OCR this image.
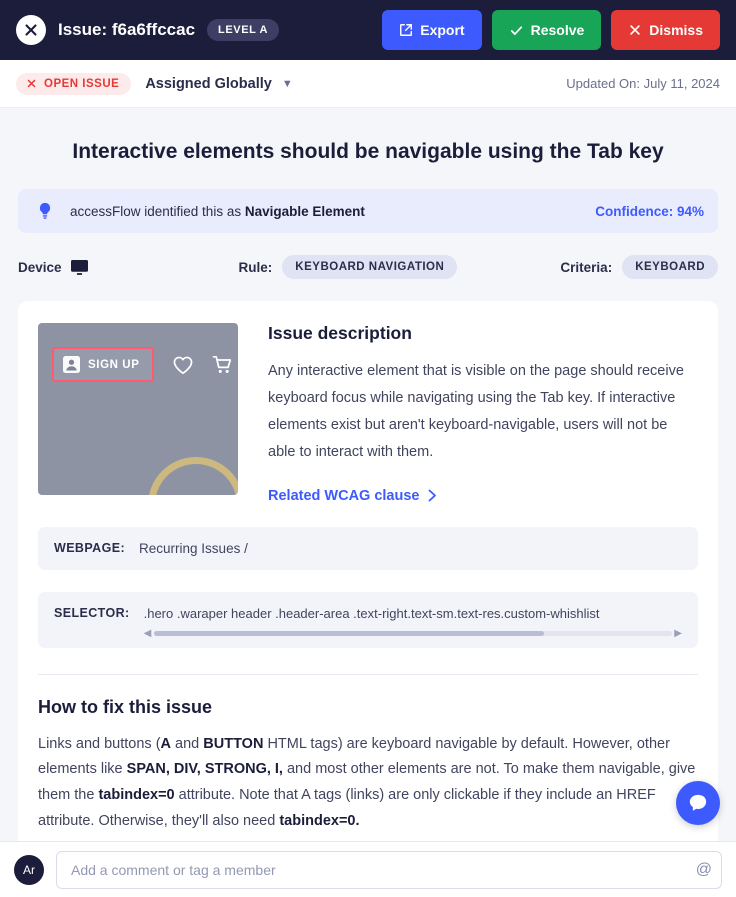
Issue: f6a6ffccac	LEVEL A	Export	Resolve	Dismiss
OPEN ISSUE Assigned Globally ▼	Updated On: July 11, 2024
Interactive elements should be navigable using the Tab key
accessFlow identified this as Navigable Element	Confidence: 94%
Device	Rule:	KEYBOARD NAVIGATION	Criteria:	KEYBOARD
SIGN UP
Issue description

Any interactive element that is visible on the page should receive keyboard focus while navigating using the Tab key. If interactive elements exist but aren't keyboard-navigable, users will not be able to interact with them.

Related WCAG clause
WEBPAGE: Recurring Issues /
SELECTOR: .hero .waraper header .header-area .text-right.text-sm.text-res.custom-whishlist
◀	▶
How to fix this issue

Links and buttons (A and BUTTON HTML tags) are keyboard navigable by default. However, other elements like SPAN, DIV, STRONG, I, and most other elements are not. To make them navigable, give them the tabindex=0 attribute. Note that A tags (links) are only clickable if they include an HREF attribute. Otherwise, they'll also need tabindex=0.

Ar
Add a comment or tag a member	@
